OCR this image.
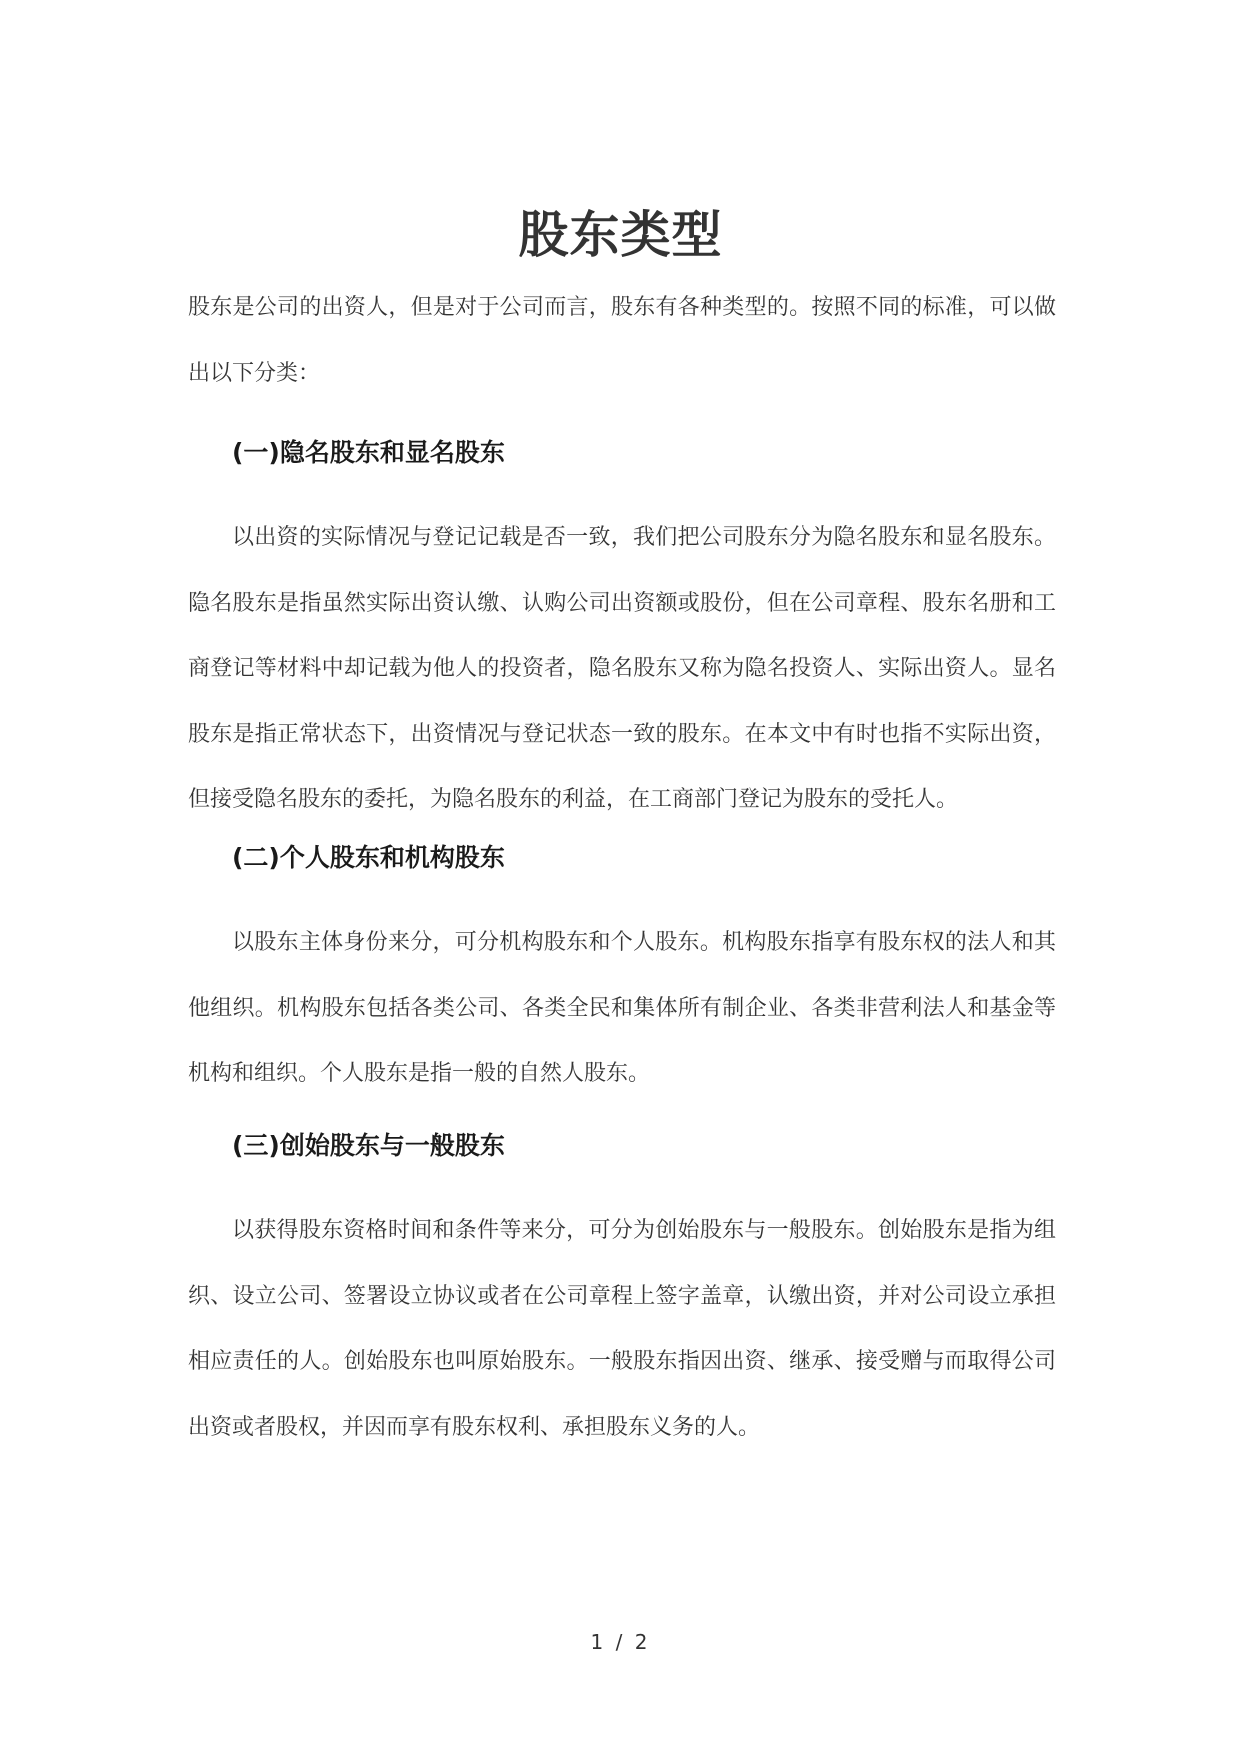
股东类型

股东是公司的出资人，但是对于公司而言，股东有各种类型的。按照不同的标准，可以做出以下分类：

(一)隐名股东和显名股东

以出资的实际情况与登记记载是否一致，我们把公司股东分为隐名股东和显名股东。隐名股东是指虽然实际出资认缴、认购公司出资额或股份，但在公司章程、股东名册和工商登记等材料中却记载为他人的投资者，隐名股东又称为隐名投资人、实际出资人。显名股东是指正常状态下，出资情况与登记状态一致的股东。在本文中有时也指不实际出资，但接受隐名股东的委托，为隐名股东的利益，在工商部门登记为股东的受托人。

(二)个人股东和机构股东

以股东主体身份来分，可分机构股东和个人股东。机构股东指享有股东权的法人和其他组织。机构股东包括各类公司、各类全民和集体所有制企业、各类非营利法人和基金等机构和组织。个人股东是指一般的自然人股东。

(三)创始股东与一般股东

以获得股东资格时间和条件等来分，可分为创始股东与一般股东。创始股东是指为组织、设立公司、签署设立协议或者在公司章程上签字盖章，认缴出资，并对公司设立承担相应责任的人。创始股东也叫原始股东。一般股东指因出资、继承、接受赠与而取得公司出资或者股权，并因而享有股东权利、承担股东义务的人。

1 / 2
